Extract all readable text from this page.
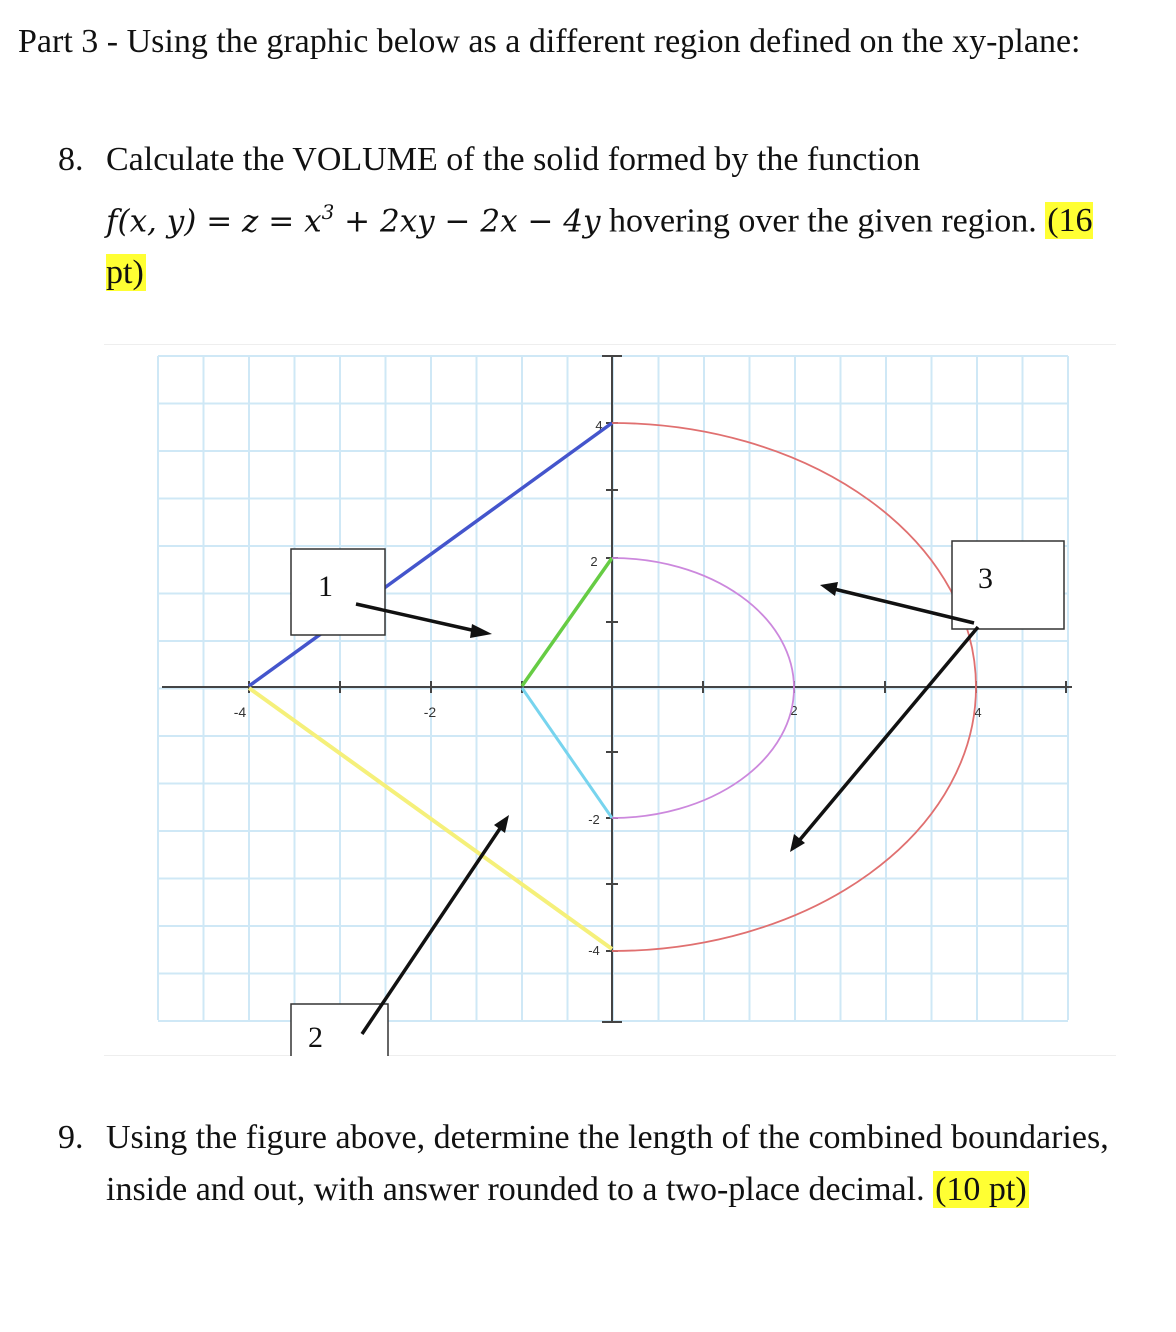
Part 3 - Using the graphic below as a different region defined on the xy-plane:
8. Calculate the VOLUME of the solid formed by the function
f(x, $y) = z = x^3 + 2xy - 2x - 4y$ hovering over the given region. (16 pt)
-4	-2	2	4
4
2
-2
-4
1	3
2
9. Using the figure above, determine the length of the combined boundaries, inside and out, with answer rounded to a two-place decimal. (10 pt)
